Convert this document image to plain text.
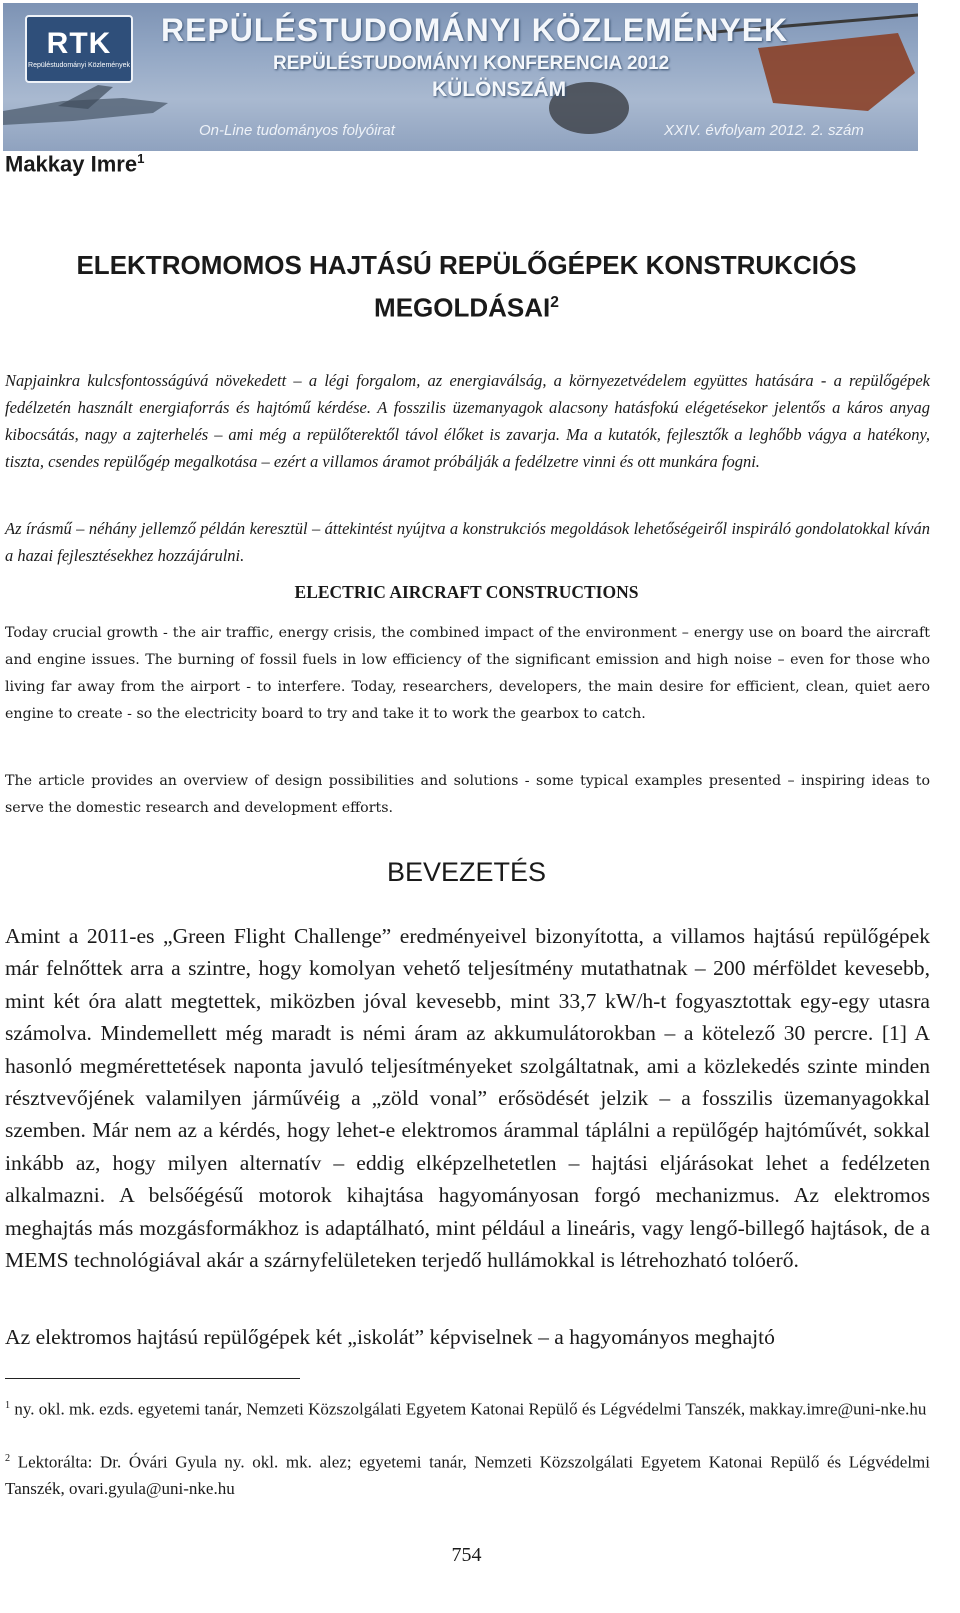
RTK
Repüléstudományi Közlemények
REPÜLÉSTUDOMÁNYI KÖZLEMÉNYEK
REPÜLÉSTUDOMÁNYI KONFERENCIA 2012
KÜLÖNSZÁM
On-Line tudományos folyóirat	XXIV. évfolyam 2012. 2. szám
Makkay Imre$^1$
ELEKTROMOMOS HAJTÁSÚ REPÜLŐGÉPEK KONSTRUKCIÓS
MEGOLDÁSAI$^2$

Napjainkra kulcsfontosságúvá növekedett – a légi forgalom, az energiaválság, a környezetvédelem együttes hatására - a repülőgépek fedélzetén használt energiaforrás és hajtómű kérdése. A fosszilis üzemanyagok alacsony hatásfokú elégetésekor jelentős a káros anyag kibocsátás, nagy a zajterhelés – ami még a repülőterektől távol élőket is zavarja. Ma a kutatók, fejlesztők a leghőbb vágya a hatékony, tiszta, csendes repülőgép megalkotása – ezért a villamos áramot próbálják a fedélzetre vinni és ott munkára fogni.

Az írásmű – néhány jellemző példán keresztül – áttekintést nyújtva a konstrukciós megoldások lehetőségeiről inspiráló gondolatokkal kíván a hazai fejlesztésekhez hozzájárulni.

ELECTRIC AIRCRAFT CONSTRUCTIONS

Today crucial growth - the air traffic, energy crisis, the combined impact of the environment – energy use on board the aircraft and engine issues. The burning of fossil fuels in low efficiency of the significant emission and high noise – even for those who living far away from the airport - to interfere. Today, researchers, developers, the main desire for efficient, clean, quiet aero engine to create - so the electricity board to try and take it to work the gearbox to catch.

The article provides an overview of design possibilities and solutions - some typical examples presented – inspiring ideas to serve the domestic research and development efforts.

BEVEZETÉS

Amint a 2011-es „Green Flight Challenge” eredményeivel bizonyította, a villamos hajtású repülőgépek már felnőttek arra a szintre, hogy komolyan vehető teljesítmény mutathatnak – 200 mérföldet kevesebb, mint két óra alatt megtettek, miközben jóval kevesebb, mint 33,7 kW/h-t fogyasztottak egy-egy utasra számolva. Mindemellett még maradt is némi áram az akkumulátorokban – a kötelező 30 percre. [1] A hasonló megmérettetések naponta javuló teljesítményeket szolgáltatnak, ami a közlekedés szinte minden résztvevőjének valamilyen járművéig a „zöld vonal” erősödését jelzik – a fosszilis üzemanyagokkal szemben. Már nem az a kérdés, hogy lehet-e elektromos árammal táplálni a repülőgép hajtóművét, sokkal inkább az, hogy milyen alternatív – eddig elképzelhetetlen – hajtási eljárásokat lehet a fedélzeten alkalmazni. A belsőégésű motorok kihajtása hagyományosan forgó mechanizmus. Az elektromos meghajtás más mozgásformákhoz is adaptálható, mint például a lineáris, vagy lengő-billegő hajtások, de a MEMS technológiával akár a szárnyfelületeken terjedő hullámokkal is létrehozható tolóerő.

Az elektromos hajtású repülőgépek két „iskolát” képviselnek – a hagyományos meghajtó

$^1$ ny. okl. mk. ezds. egyetemi tanár, Nemzeti Közszolgálati Egyetem Katonai Repülő és Légvédelmi Tanszék, makkay.imre@uni-nke.hu

$^2$ Lektorálta: Dr. Óvári Gyula ny. okl. mk. alez; egyetemi tanár, Nemzeti Közszolgálati Egyetem Katonai Repülő és Légvédelmi Tanszék, ovari.gyula@uni-nke.hu

754
